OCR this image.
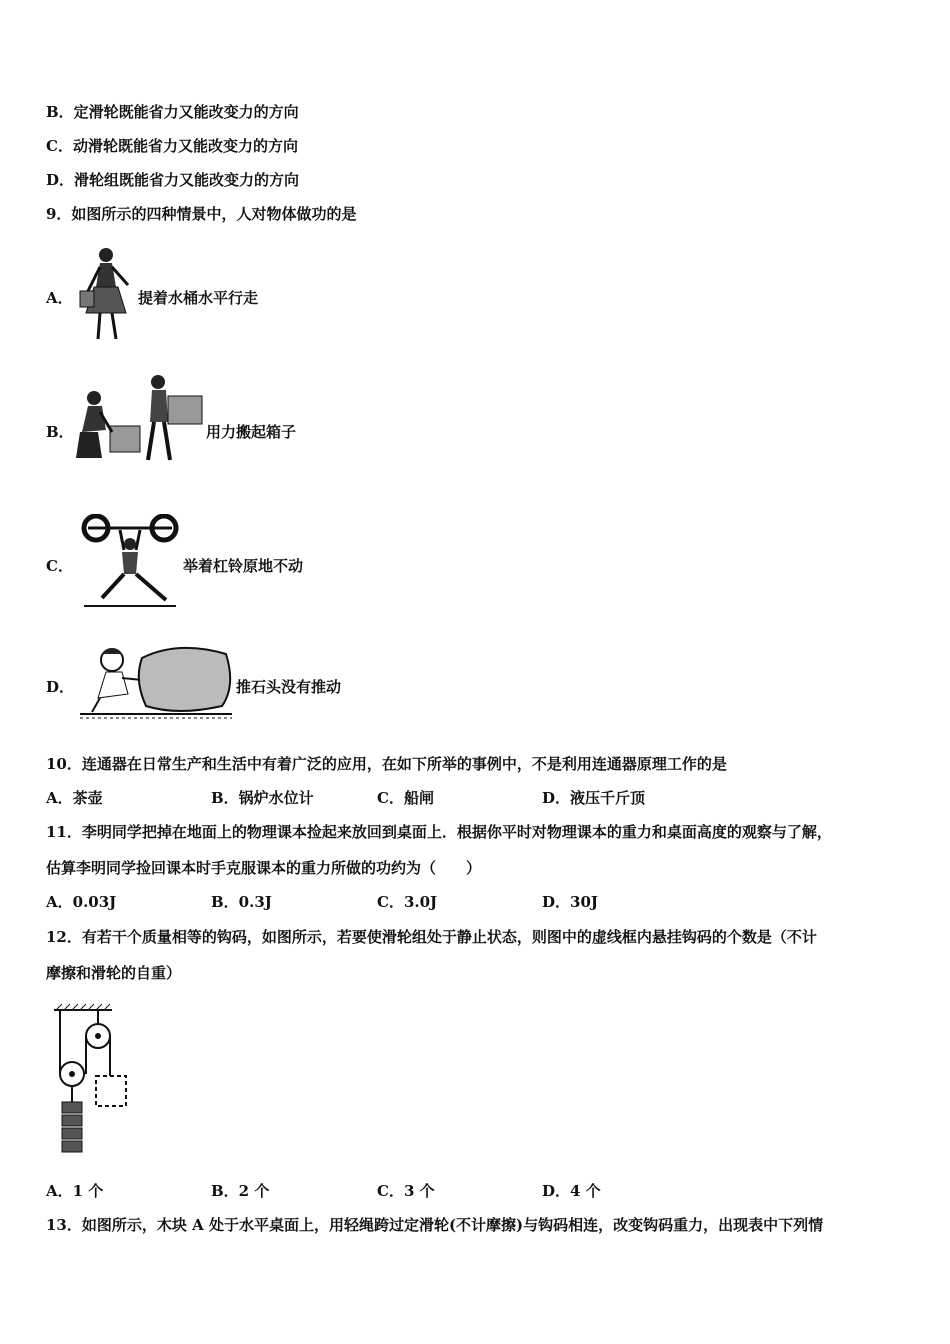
B．定滑轮既能省力又能改变力的方向
C．动滑轮既能省力又能改变力的方向
D．滑轮组既能省力又能改变力的方向
9．如图所示的四种情景中，人对物体做功的是
A．	提着水桶水平行走
B．	用力搬起箱子
C．	举着杠铃原地不动
D．	推石头没有推动
10．连通器在日常生产和生活中有着广泛的应用，在如下所举的事例中，不是利用连通器原理工作的是
A．茶壶	B．锅炉水位计	C．船闸	D．液压千斤顶
11．李明同学把掉在地面上的物理课本捡起来放回到桌面上．根据你平时对物理课本的重力和桌面高度的观察与了解，
估算李明同学捡回课本时手克服课本的重力所做的功约为（　　）
A．0.03J	B．0.3J	C．3.0J	D．30J
12．有若干个质量相等的钩码，如图所示，若要使滑轮组处于静止状态，则图中的虚线框内悬挂钩码的个数是（不计
摩擦和滑轮的自重）
A．1 个	B．2 个	C．3 个	D．4 个
13．如图所示，木块 A 处于水平桌面上，用轻绳跨过定滑轮(不计摩擦)与钩码相连，改变钩码重力，出现表中下列情
